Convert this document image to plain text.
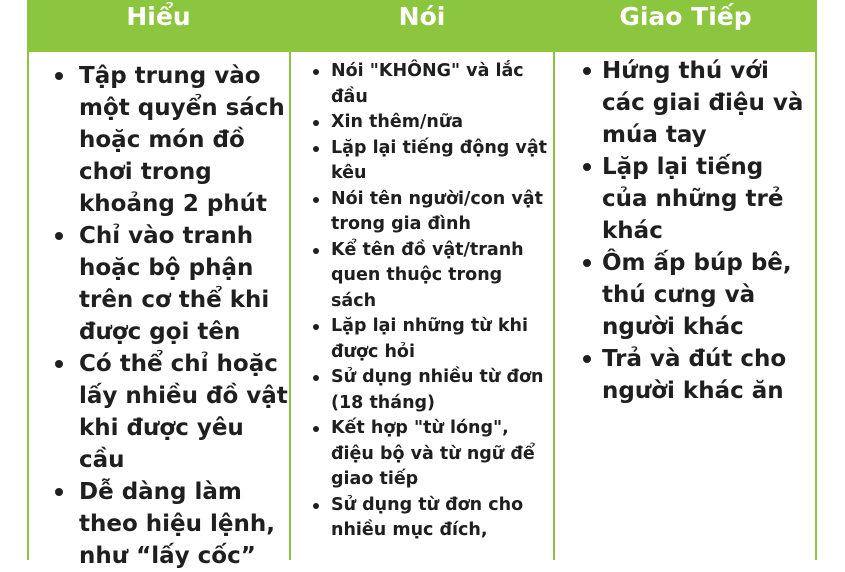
Hiểu	Nói	Giao Tiếp
Tập trung vào một quyển sách hoặc món đồ chơi trong khoảng 2 phút
Chỉ vào tranh hoặc bộ phận trên cơ thể khi được gọi tên
Có thể chỉ hoặc lấy nhiều đồ vật khi được yêu cầu
Dễ dàng làm theo hiệu lệnh, như “lấy cốc”
Nói "KHÔNG" và lắc đầu
Xin thêm/nữa
Lặp lại tiếng động vật kêu
Nói tên người/con vật trong gia đình
Kể tên đồ vật/tranh quen thuộc trong sách
Lặp lại những từ khi được hỏi
Sử dụng nhiều từ đơn (18 tháng)
Kết hợp "từ lóng", điệu bộ và từ ngữ để giao tiếp
Sử dụng từ đơn cho nhiều mục đích,
Hứng thú với các giai điệu và múa tay
Lặp lại tiếng của những trẻ khác
Ôm ấp búp bê, thú cưng và người khác
Trả và đút cho người khác ăn
